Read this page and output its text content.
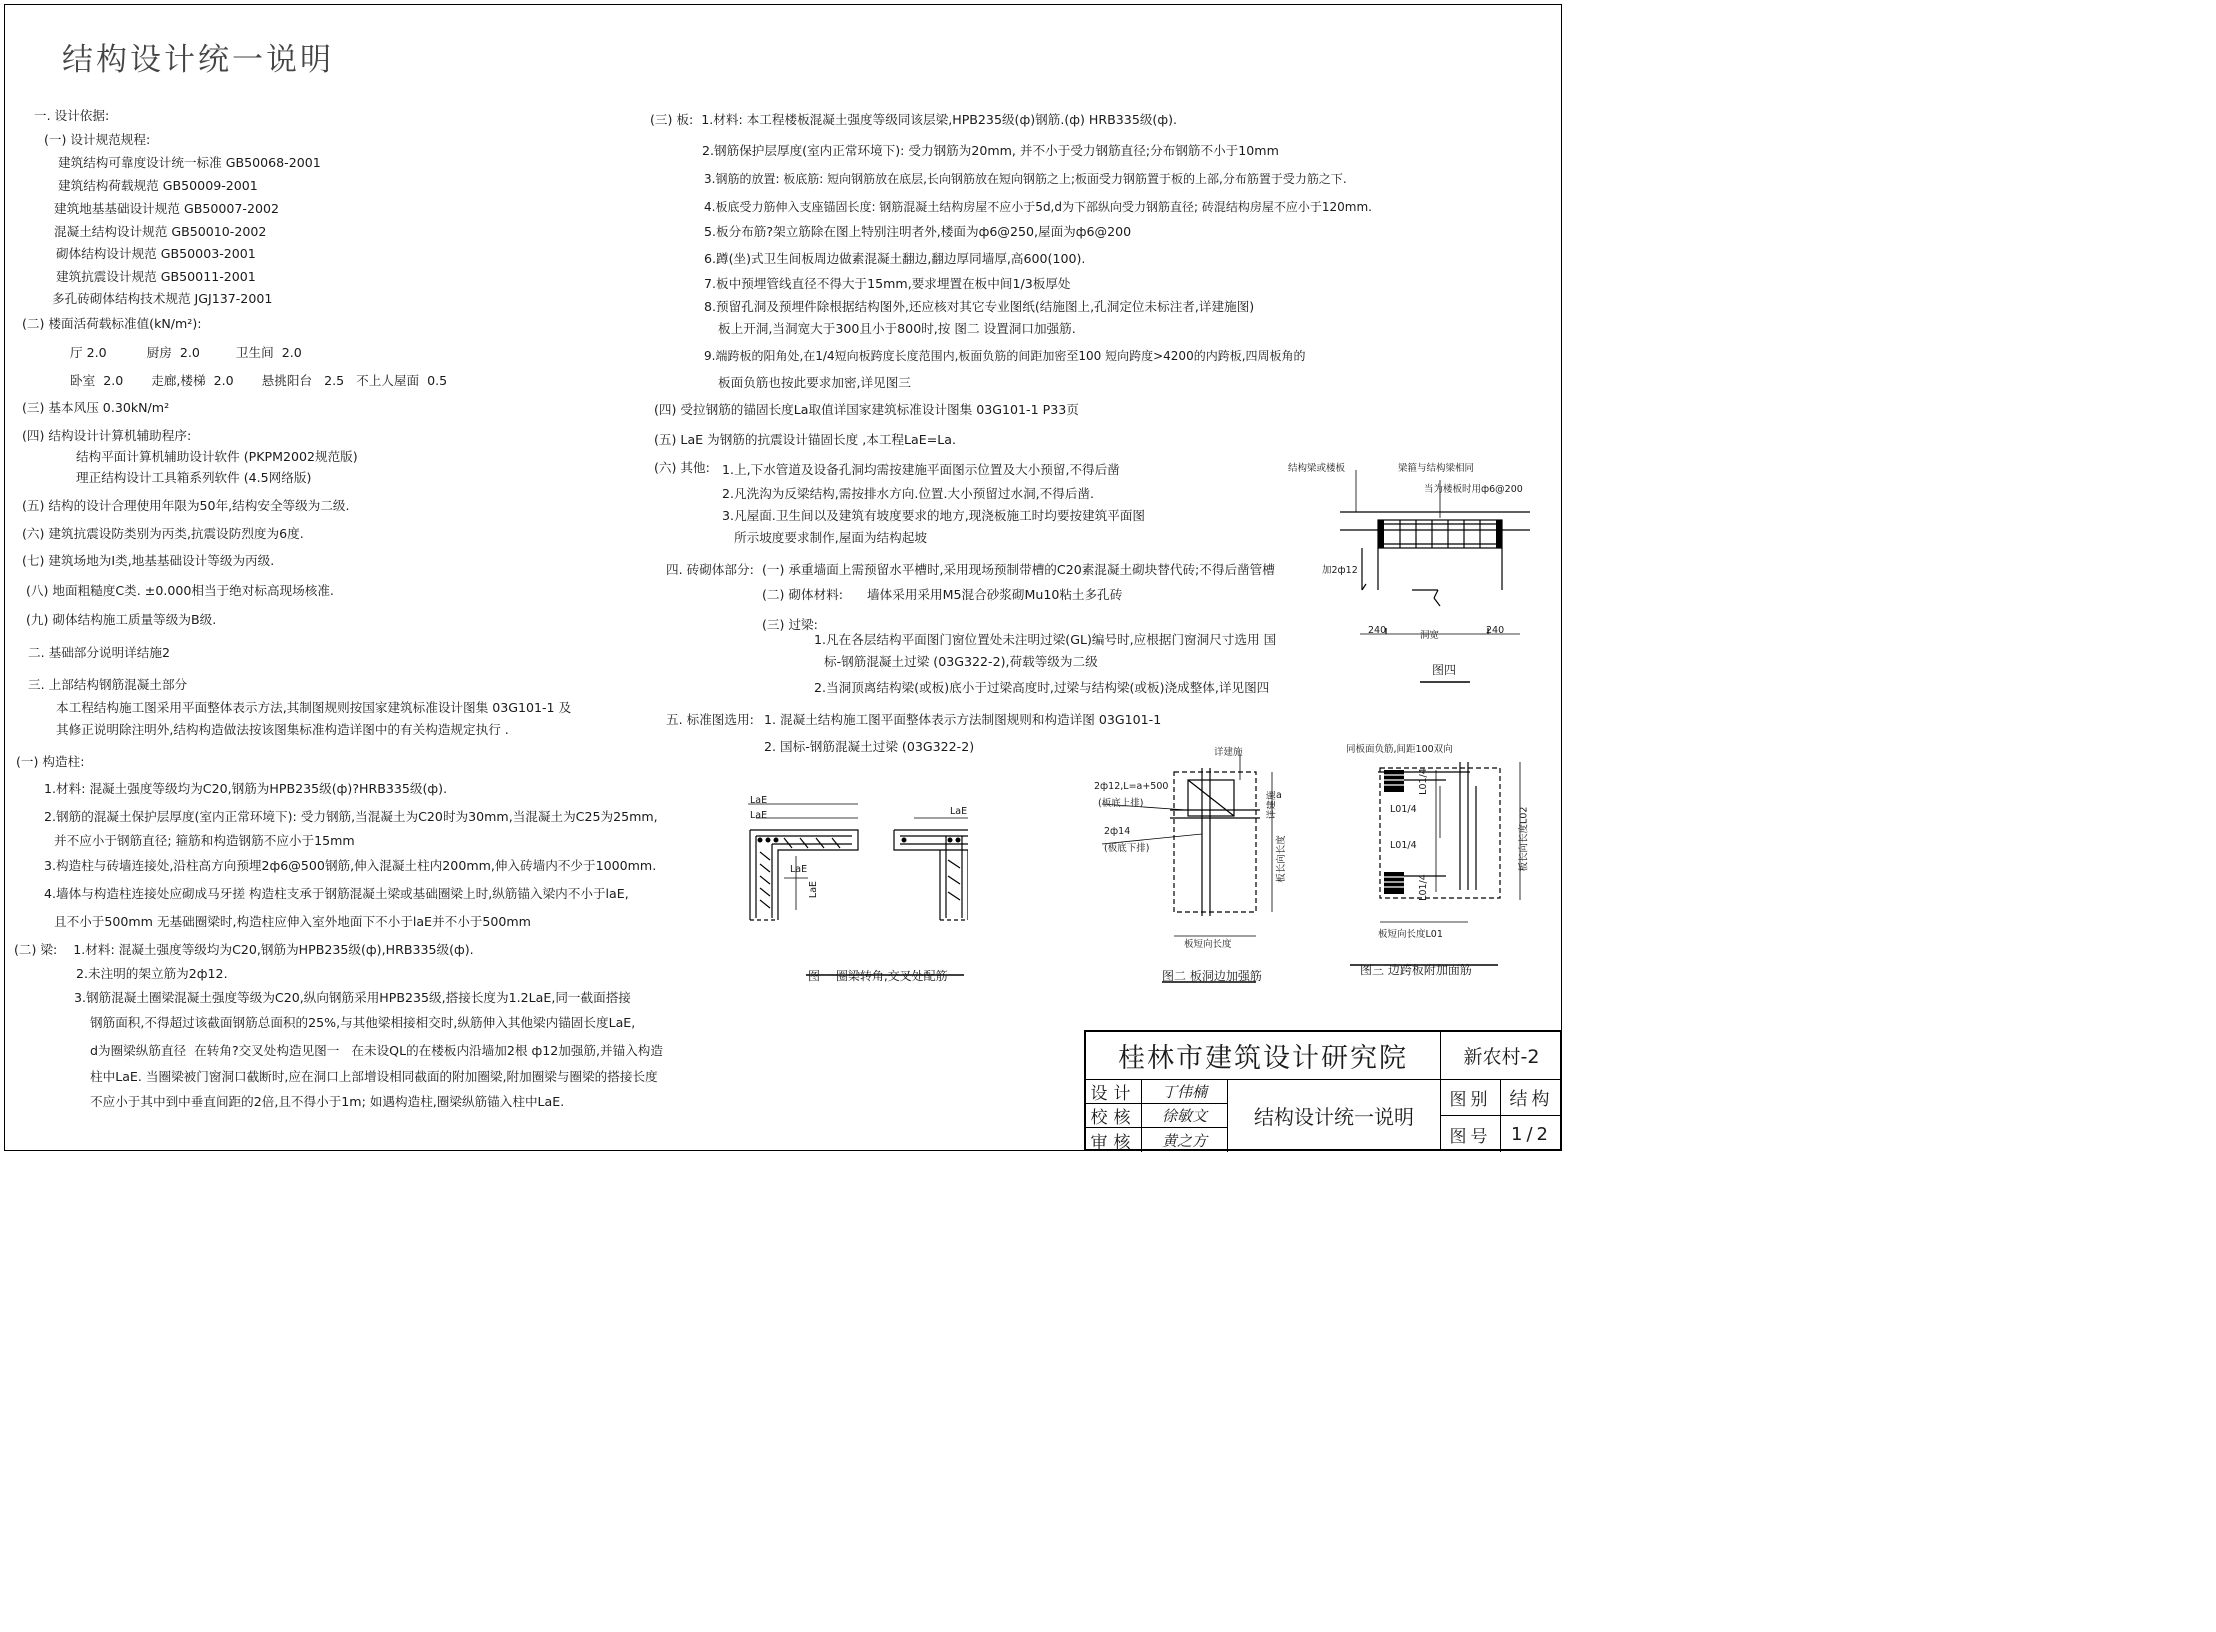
结构设计统一说明
一. 设计依据:
(一) 设计规范规程:
建筑结构可靠度设计统一标准 GB50068-2001
建筑结构荷载规范 GB50009-2001
建筑地基基础设计规范 GB50007-2002
混凝土结构设计规范 GB50010-2002
砌体结构设计规范 GB50003-2001
建筑抗震设计规范 GB50011-2001
多孔砖砌体结构技术规范 JGJ137-2001
(二) 楼面活荷载标准值(kN/m²):
厅 2.0          厨房  2.0         卫生间  2.0
卧室  2.0       走廊,楼梯  2.0       悬挑阳台   2.5   不上人屋面  0.5
(三) 基本风压 0.30kN/m²
(四) 结构设计计算机辅助程序:
结构平面计算机辅助设计软件 (PKPM2002规范版)
理正结构设计工具箱系列软件 (4.5网络版)
(五) 结构的设计合理使用年限为50年,结构安全等级为二级.
(六) 建筑抗震设防类别为丙类,抗震设防烈度为6度.
(七) 建筑场地为I类,地基基础设计等级为丙级.
(八) 地面粗糙度C类. ±0.000相当于绝对标高现场核准.
(九) 砌体结构施工质量等级为B级.
二. 基础部分说明详结施2
三. 上部结构钢筋混凝土部分
本工程结构施工图采用平面整体表示方法,其制图规则按国家建筑标准设计图集 03G101-1 及
其修正说明除注明外,结构构造做法按该图集标准构造详图中的有关构造规定执行 .
(一) 构造柱:
1.材料: 混凝土强度等级均为C20,钢筋为HPB235级(ф)?HRB335级(ф).
2.钢筋的混凝土保护层厚度(室内正常环境下): 受力钢筋,当混凝土为C20时为30mm,当混凝土为C25为25mm,
并不应小于钢筋直径; 箍筋和构造钢筋不应小于15mm
3.构造柱与砖墙连接处,沿柱高方向预埋2ф6@500钢筋,伸入混凝土柱内200mm,伸入砖墙内不少于1000mm.
4.墙体与构造柱连接处应砌成马牙搓 构造柱支承于钢筋混凝土梁或基础圈梁上时,纵筋锚入梁内不小于laE,
且不小于500mm 无基础圈梁时,构造柱应伸入室外地面下不小于laE并不小于500mm
(二) 梁:    1.材料: 混凝土强度等级均为C20,钢筋为HPB235级(ф),HRB335级(ф).
2.未注明的架立筋为2ф12.
3.钢筋混凝土圈梁混凝土强度等级为C20,纵向钢筋采用HPB235级,搭接长度为1.2LaE,同一截面搭接
钢筋面积,不得超过该截面钢筋总面积的25%,与其他梁相接相交时,纵筋伸入其他梁内锚固长度LaE,
d为圈梁纵筋直径  在转角?交叉处构造见图一   在未设QL的在楼板内沿墙加2根 ф12加强筋,并锚入构造
柱中LaE. 当圈梁被门窗洞口截断时,应在洞口上部增设相同截面的附加圈梁,附加圈梁与圈梁的搭接长度
不应小于其中到中垂直间距的2倍,且不得小于1m; 如遇构造柱,圈梁纵筋锚入柱中LaE.
(三) 板:  1.材料: 本工程楼板混凝土强度等级同该层梁,HPB235级(ф)钢筋.(ф) HRB335级(ф).
2.钢筋保护层厚度(室内正常环境下): 受力钢筋为20mm, 并不小于受力钢筋直径;分布钢筋不小于10mm
3.钢筋的放置: 板底筋: 短向钢筋放在底层,长向钢筋放在短向钢筋之上;板面受力钢筋置于板的上部,分布筋置于受力筋之下.
4.板底受力筋伸入支座锚固长度: 钢筋混凝土结构房屋不应小于5d,d为下部纵向受力钢筋直径; 砖混结构房屋不应小于120mm.
5.板分布筋?架立筋除在图上特别注明者外,楼面为ф6@250,屋面为ф6@200
6.蹲(坐)式卫生间板周边做素混凝土翻边,翻边厚同墙厚,高600(100).
7.板中预埋管线直径不得大于15mm,要求埋置在板中间1/3板厚处
8.预留孔洞及预埋件除根据结构图外,还应核对其它专业图纸(结施图上,孔洞定位未标注者,详建施图)
板上开洞,当洞宽大于300且小于800时,按 图二 设置洞口加强筋.
9.端跨板的阳角处,在1/4短向板跨度长度范围内,板面负筋的间距加密至100 短向跨度>4200的内跨板,四周板角的
板面负筋也按此要求加密,详见图三
(四) 受拉钢筋的锚固长度La取值详国家建筑标准设计图集 03G101-1 P33页
(五) LaE 为钢筋的抗震设计锚固长度 ,本工程LaE=La.
(六) 其他: 1.上,下水管道及设备孔洞均需按建施平面图示位置及大小预留,不得后凿
2.凡洗沟为反梁结构,需按排水方向.位置.大小预留过水洞,不得后凿.
3.凡屋面.卫生间以及建筑有坡度要求的地方,现浇板施工时均要按建筑平面图
所示坡度要求制作,屋面为结构起坡
四. 砖砌体部分: (一) 承重墙面上需预留水平槽时,采用现场预制带槽的C20素混凝土砌块替代砖;不得后凿管槽
(二) 砌体材料:      墙体采用采用M5混合砂浆砌Mu10粘土多孔砖
(三) 过梁:
1.凡在各层结构平面图门窗位置处未注明过梁(GL)编号时,应根据门窗洞尺寸选用 国
标-钢筋混凝土过梁 (03G322-2),荷载等级为二级
2.当洞顶离结构梁(或板)底小于过梁高度时,过梁与结构梁(或板)浇成整体,详见图四
五. 标准图选用: 1. 混凝土结构施工图平面整体表示方法制图规则和构造详图 03G101-1
2. 国标-钢筋混凝土过梁 (03G322-2)
LaE
LaE
LaE
LaE
LaE
图一 圈梁转角,交叉处配筋
详建施
2ф12,L=a+500
(板底上排)
2ф14
(板底下排)
详建施
a
板长向长度
板短向长度
图二 板洞边加强筋
同板面负筋,间距100双向
L01/4
L01/4
L01/4
L01/4
板长向长度L02
板短向长度L01
图三 边跨板附加面筋
结构梁或楼板	梁箍与结构梁相同
当为楼板时用ф6@200
加2ф12
240	洞宽	240
图四
桂林市建筑设计研究院	新农村-2
设计	丁伟楠
校核	徐敏文
审核	黄之方
结构设计统一说明
图别	结构
图号	1/2
